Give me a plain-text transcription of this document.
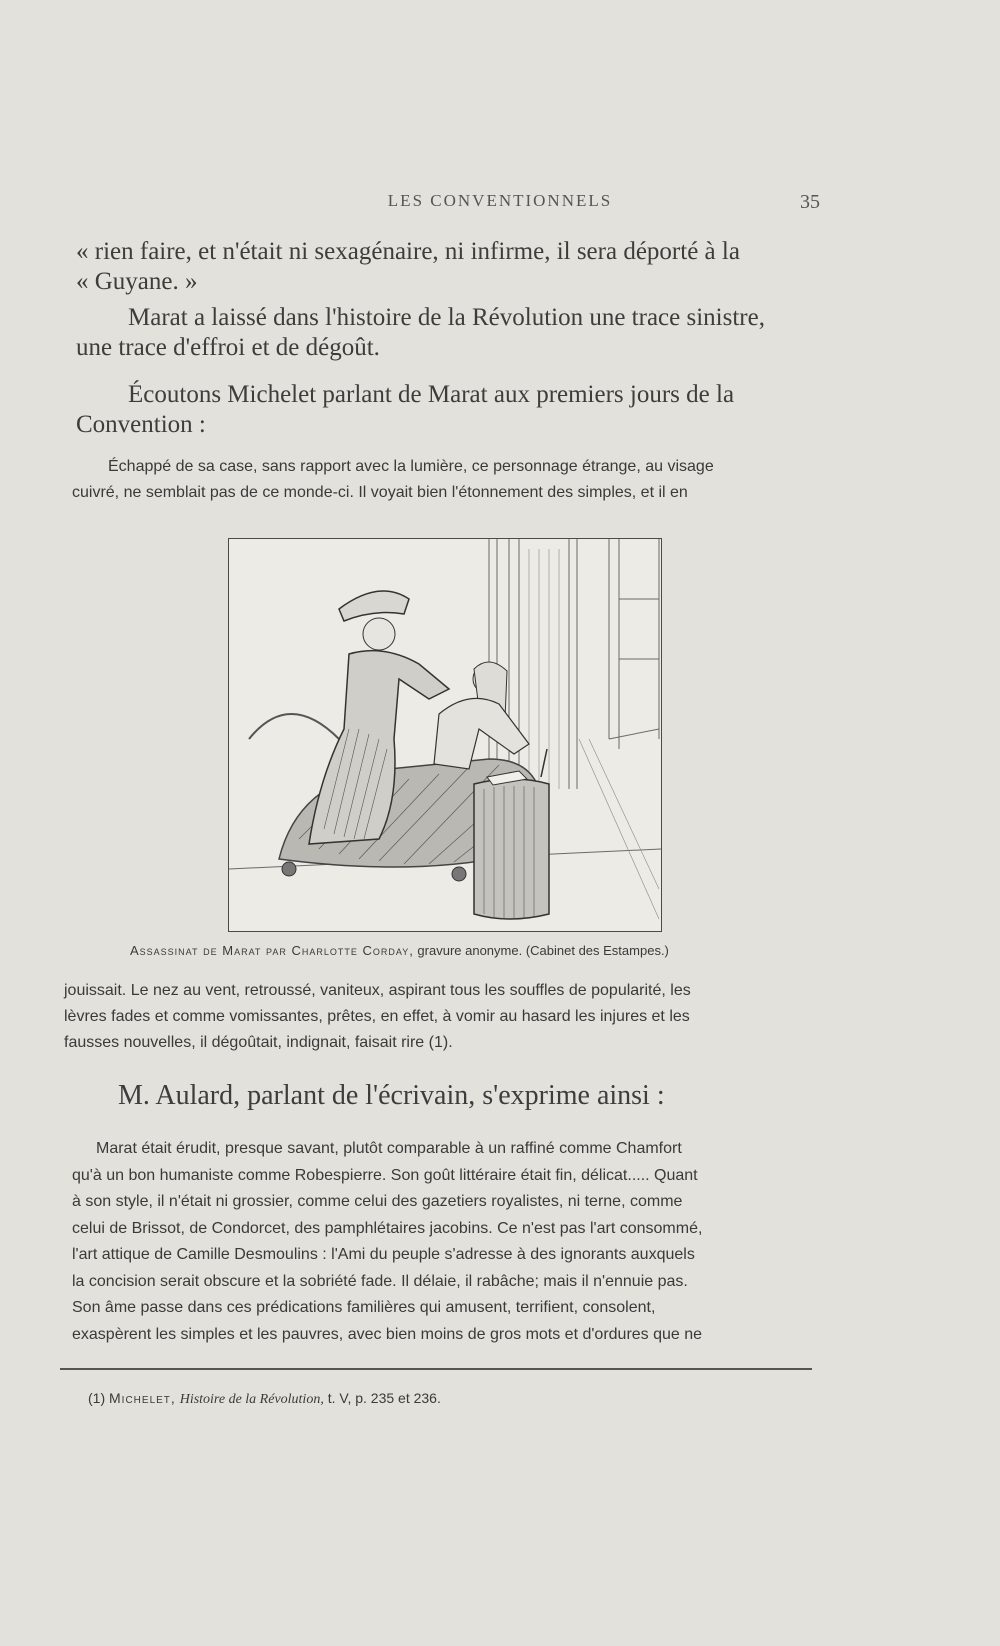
LES CONVENTIONNELS	35
« rien faire, et n'était ni sexagénaire, ni infirme, il sera déporté à la
« Guyane. »
Marat a laissé dans l'histoire de la Révolution une trace sinistre,
une trace d'effroi et de dégoût.
Écoutons Michelet parlant de Marat aux premiers jours de la
Convention :
Échappé de sa case, sans rapport avec la lumière, ce personnage étrange, au visage
cuivré, ne semblait pas de ce monde-ci. Il voyait bien l'étonnement des simples, et il en
Assassinat de Marat par Charlotte Corday, gravure anonyme. (Cabinet des Estampes.)
jouissait. Le nez au vent, retroussé, vaniteux, aspirant tous les souffles de popularité, les
lèvres fades et comme vomissantes, prêtes, en effet, à vomir au hasard les injures et les
fausses nouvelles, il dégoûtait, indignait, faisait rire (1).
M. Aulard, parlant de l'écrivain, s'exprime ainsi :
Marat était érudit, presque savant, plutôt comparable à un raffiné comme Chamfort
qu'à un bon humaniste comme Robespierre. Son goût littéraire était fin, délicat..... Quant
à son style, il n'était ni grossier, comme celui des gazetiers royalistes, ni terne, comme
celui de Brissot, de Condorcet, des pamphlétaires jacobins. Ce n'est pas l'art consommé,
l'art attique de Camille Desmoulins : l'Ami du peuple s'adresse à des ignorants auxquels
la concision serait obscure et la sobriété fade. Il délaie, il rabâche; mais il n'ennuie pas.
Son âme passe dans ces prédications familières qui amusent, terrifient, consolent,
exaspèrent les simples et les pauvres, avec bien moins de gros mots et d'ordures que ne
(1) Michelet, Histoire de la Révolution, t. V, p. 235 et 236.
